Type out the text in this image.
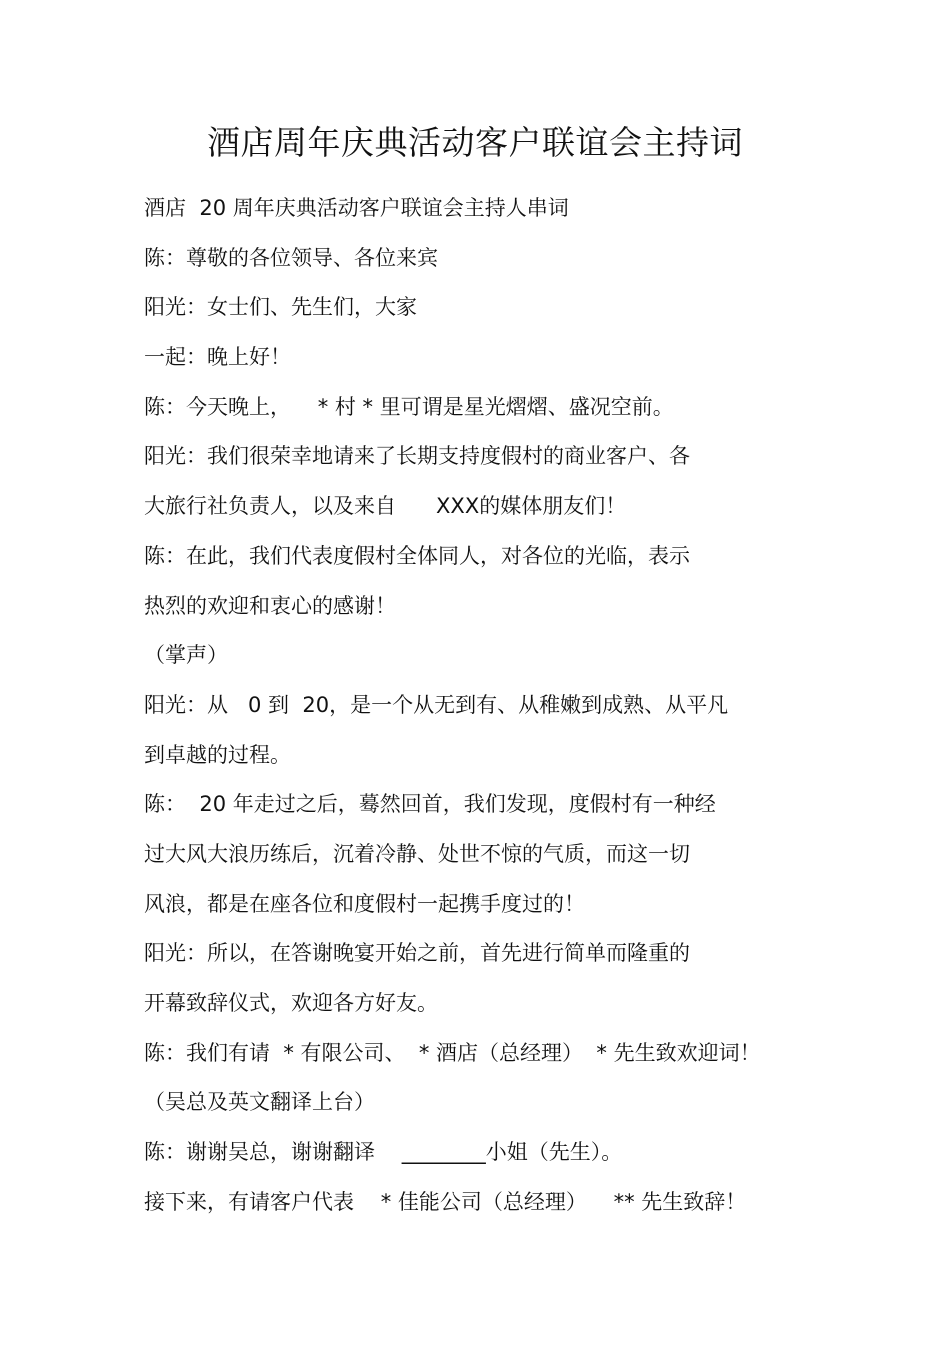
酒店周年庆典活动客户联谊会主持词
酒店  20 周年庆典活动客户联谊会主持人串词
陈：尊敬的各位领导、各位来宾
阳光：女士们、先生们，大家
一起：晚上好！
陈：今天晚上，    * 村 * 里可谓是星光熠熠、盛况空前。
阳光：我们很荣幸地请来了长期支持度假村的商业客户、各
大旅行社负责人，以及来自      XXX的媒体朋友们！
陈：在此，我们代表度假村全体同人，对各位的光临，表示
热烈的欢迎和衷心的感谢！
（掌声）
阳光：从   0 到  20，是一个从无到有、从稚嫩到成熟、从平凡
到卓越的过程。
陈：  20 年走过之后，蓦然回首，我们发现，度假村有一种经
过大风大浪历练后，沉着冷静、处世不惊的气质，而这一切
风浪，都是在座各位和度假村一起携手度过的！
阳光：所以，在答谢晚宴开始之前，首先进行简单而隆重的
开幕致辞仪式，欢迎各方好友。
陈：我们有请  * 有限公司、  * 酒店（总经理）  * 先生致欢迎词！
（吴总及英文翻译上台）
陈：谢谢吴总，谢谢翻译    ________小姐（先生）。
接下来，有请客户代表    * 佳能公司（总经理）    ** 先生致辞！
